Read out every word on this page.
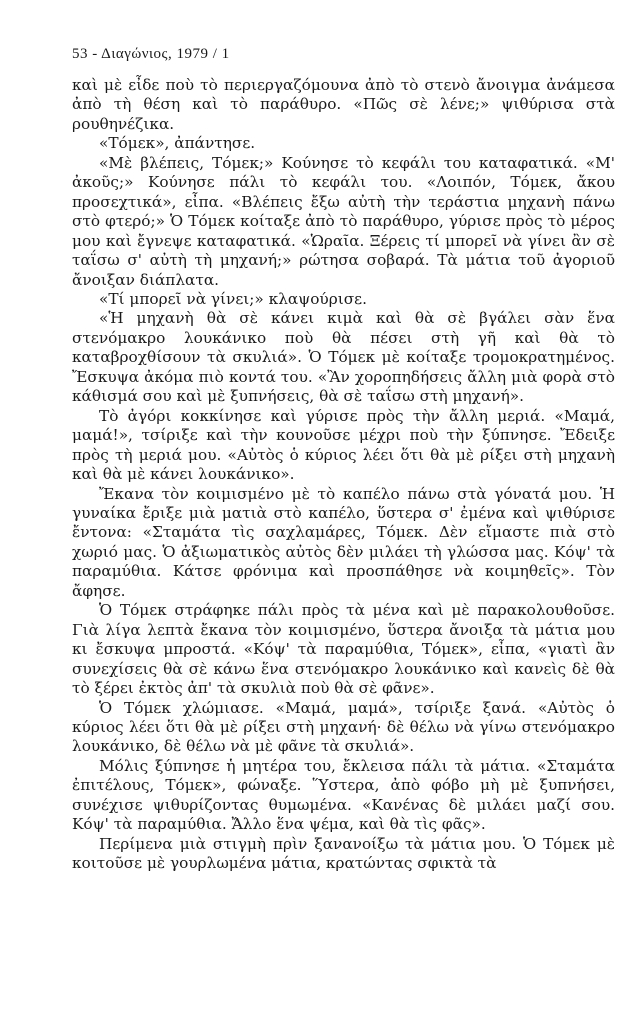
53 - Διαγώνιος, 1979 / 1

καὶ μὲ εἶδε ποὺ τὸ περιεργαζόμουνα ἀπὸ τὸ στενὸ ἄνοιγμα ἀνάμεσα ἀπὸ τὴ θέση καὶ τὸ παράθυρο. «Πῶς σὲ λένε;» ψιθύρισα στὰ ρουθηνέζικα.

«Τόμεκ», ἀπάντησε.

«Μὲ βλέπεις, Τόμεκ;» Κούνησε τὸ κεφάλι του καταφατικά. «Μ' ἀκοῦς;» Κούνησε πάλι τὸ κεφάλι του. «Λοιπόν, Τόμεκ, ἄκου προσεχτικά», εἶπα. «Βλέπεις ἔξω αὐτὴ τὴν τεράστια μηχανὴ πάνω στὸ φτερό;» Ὁ Τόμεκ κοίταξε ἀπὸ τὸ παράθυρο, γύρισε πρὸς τὸ μέρος μου καὶ ἔγνεψε καταφατικά. «Ὡραῖα. Ξέρεις τί μπορεῖ νὰ γίνει ἂν σὲ ταΐσω σ' αὐτὴ τὴ μηχανή;» ρώτησα σοβαρά. Τὰ μάτια τοῦ ἀγοριοῦ ἄνοιξαν διάπλατα.

«Τί μπορεῖ νὰ γίνει;» κλαψούρισε.

«Ἡ μηχανὴ θὰ σὲ κάνει κιμὰ καὶ θὰ σὲ βγάλει σὰν ἕνα στενόμακρο λουκάνικο ποὺ θὰ πέσει στὴ γῆ καὶ θὰ τὸ καταβροχθίσουν τὰ σκυλιά». Ὁ Τόμεκ μὲ κοίταξε τρομοκρατημένος. Ἔσκυψα ἀκόμα πιὸ κοντά του. «Ἂν χοροπηδήσεις ἄλλη μιὰ φορὰ στὸ κάθισμά σου καὶ μὲ ξυπνήσεις, θὰ σὲ ταΐσω στὴ μηχανή».

Τὸ ἀγόρι κοκκίνησε καὶ γύρισε πρὸς τὴν ἄλλη μεριά. «Μαμά, μαμά!», τσίριξε καὶ τὴν κουνοῦσε μέχρι ποὺ τὴν ξύπνησε. Ἔδειξε πρὸς τὴ μεριά μου. «Αὐτὸς ὁ κύριος λέει ὅτι θὰ μὲ ρίξει στὴ μηχανὴ καὶ θὰ μὲ κάνει λουκάνικο».

Ἔκανα τὸν κοιμισμένο μὲ τὸ καπέλο πάνω στὰ γόνατά μου. Ἡ γυναίκα ἔριξε μιὰ ματιὰ στὸ καπέλο, ὕστερα σ' ἐμένα καὶ ψιθύρισε ἔντονα: «Σταμάτα τὶς σαχλαμάρες, Τόμεκ. Δὲν εἴμαστε πιὰ στὸ χωριό μας. Ὁ ἀξιωματικὸς αὐτὸς δὲν μιλάει τὴ γλώσσα μας. Κόψ' τὰ παραμύθια. Κάτσε φρόνιμα καὶ προσπάθησε νὰ κοιμηθεῖς». Τὸν ἄφησε.

Ὁ Τόμεκ στράφηκε πάλι πρὸς τὰ μένα καὶ μὲ παρακολουθοῦσε. Γιὰ λίγα λεπτὰ ἔκανα τὸν κοιμισμένο, ὕστερα ἄνοιξα τὰ μάτια μου κι ἔσκυψα μπροστά. «Κόψ' τὰ παραμύθια, Τόμεκ», εἶπα, «γιατὶ ἂν συνεχίσεις θὰ σὲ κάνω ἕνα στενόμακρο λουκάνικο καὶ κανεὶς δὲ θὰ τὸ ξέρει ἐκτὸς ἀπ' τὰ σκυλιὰ ποὺ θὰ σὲ φᾶνε».

Ὁ Τόμεκ χλώμιασε. «Μαμά, μαμά», τσίριξε ξανά. «Αὐτὸς ὁ κύριος λέει ὅτι θὰ μὲ ρίξει στὴ μηχανή· δὲ θέλω νὰ γίνω στενόμακρο λουκάνικο, δὲ θέλω νὰ μὲ φᾶνε τὰ σκυλιά».

Μόλις ξύπνησε ἡ μητέρα του, ἔκλεισα πάλι τὰ μάτια. «Σταμάτα ἐπιτέλους, Τόμεκ», φώναξε. Ὕστερα, ἀπὸ φόβο μὴ μὲ ξυπνήσει, συνέχισε ψιθυρίζοντας θυμωμένα. «Κανένας δὲ μιλάει μαζί σου. Κόψ' τὰ παραμύθια. Ἄλλο ἕνα ψέμα, καὶ θὰ τὶς φᾶς».

Περίμενα μιὰ στιγμὴ πρὶν ξανανοίξω τὰ μάτια μου. Ὁ Τόμεκ μὲ κοιτοῦσε μὲ γουρλωμένα μάτια, κρατώντας σφικτὰ τὰ
